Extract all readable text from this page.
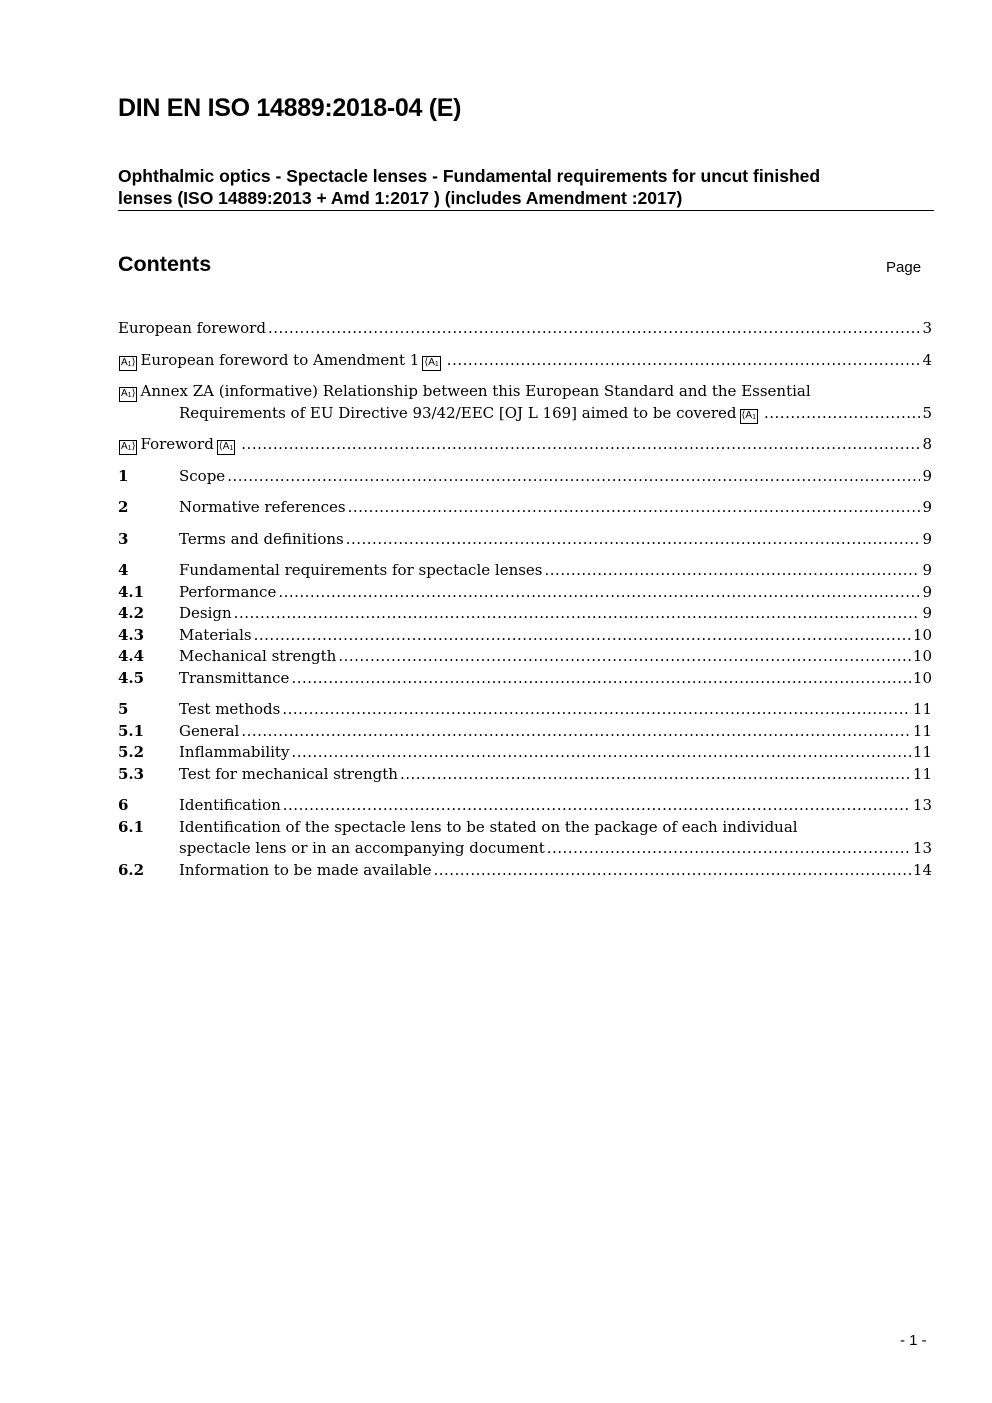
DIN EN ISO 14889:2018-04 (E)
Ophthalmic optics - Spectacle lenses - Fundamental requirements for uncut finished
lenses (ISO 14889:2013 + Amd 1:2017 ) (includes Amendment :2017)
Contents	Page
European foreword .....	3
$A_1⟩$ European foreword to Amendment 1 $⟨A_1$ .....	4
$A_1⟩$ Annex ZA (informative) Relationship between this European Standard and the Essential
Requirements of EU Directive 93/42/EEC [OJ L 169] aimed to be covered $⟨A_1$ .....	5
$A_1⟩$ Foreword $⟨A_1$ .....	8
1	Scope .....	9
2	Normative references .....	9
3	Terms and definitions .....	9
4	Fundamental requirements for spectacle lenses .....	9
4.1	Performance .....	9
4.2	Design .....	9
4.3	Materials .....	10
4.4	Mechanical strength .....	10
4.5	Transmittance .....	10
5	Test methods .....	11
5.1	General .....	11
5.2	Inflammability .....	11
5.3	Test for mechanical strength .....	11
6	Identification .....	13
6.1	Identification of the spectacle lens to be stated on the package of each individual
spectacle lens or in an accompanying document .....	13
6.2	Information to be made available .....	14
- 1 -
